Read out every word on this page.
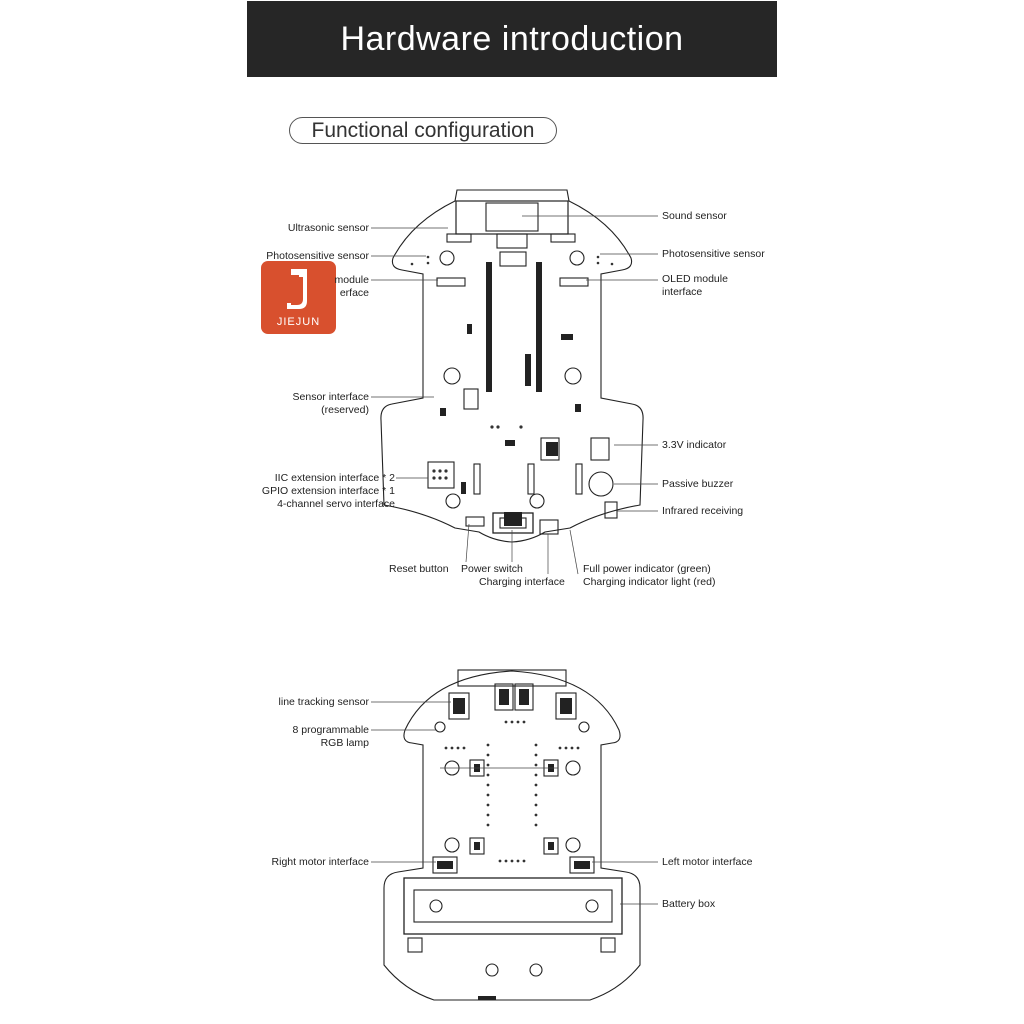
Hardware introduction
Functional configuration
JIEJUN
Ultrasonic sensor
Photosensitive sensor
module
erface
Sensor interface
(reserved)
IIC extension interface * 2
GPIO extension interface * 1
4-channel servo interface
Reset button Power switch
Charging interface
Full power indicator (green)
Charging indicator light (red)
Sound sensor
Photosensitive sensor
OLED module
interface
3.3V indicator
Passive buzzer
Infrared receiving
line tracking sensor
8 programmable
RGB lamp
Right motor interface	Left motor interface
Battery box
